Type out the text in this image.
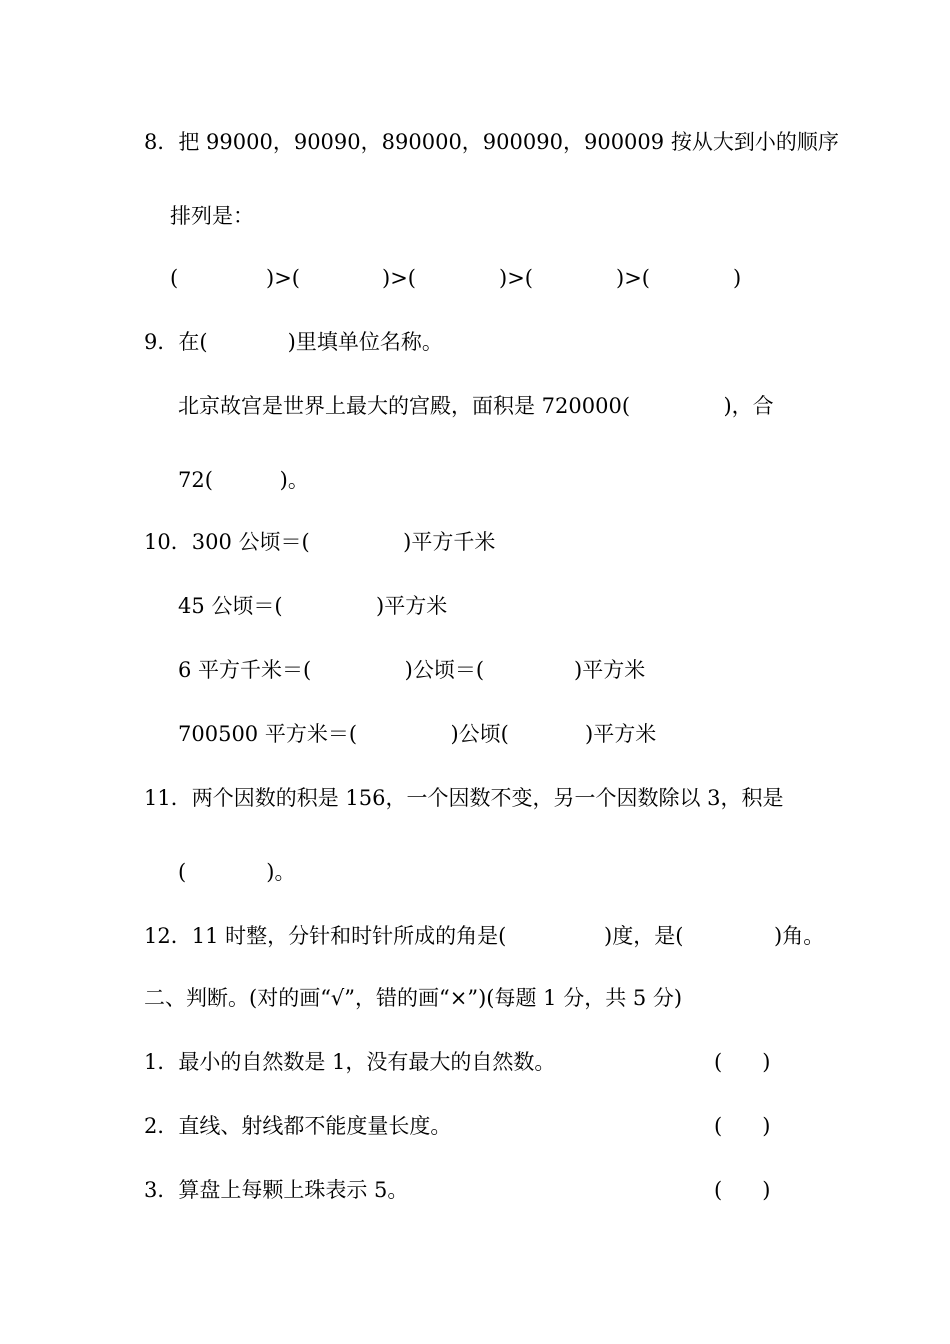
8．把 99000，90090，890000，900090，900009 按从大到小的顺序
排列是：

(

	)>(

	)>(

	)>(

	)>(

	)

9．在(            )里填单位名称。
北京故宫是世界上最大的宫殿，面积是 720000(              )，合
72(          )。
10．300 公顷＝(              )平方千米
45 公顷＝(              )平方米

6 平方千米＝(              )公顷＝(

	)平方米

700500 平方米＝(              )公顷(

	)平方米

11．两个因数的积是 156，一个因数不变，另一个因数除以 3，积是
(            )。

12．11 时整，分针和时针所成的角是(

	)度，是(

	)角。

二、判断。(对的画“√”，错的画“×”)(每题 1 分，共 5 分)

1．最小的自然数是 1，没有最大的自然数。

	(      )

2．直线、射线都不能度量长度。

	(      )

3．算盘上每颗上珠表示 5。

	(      )
